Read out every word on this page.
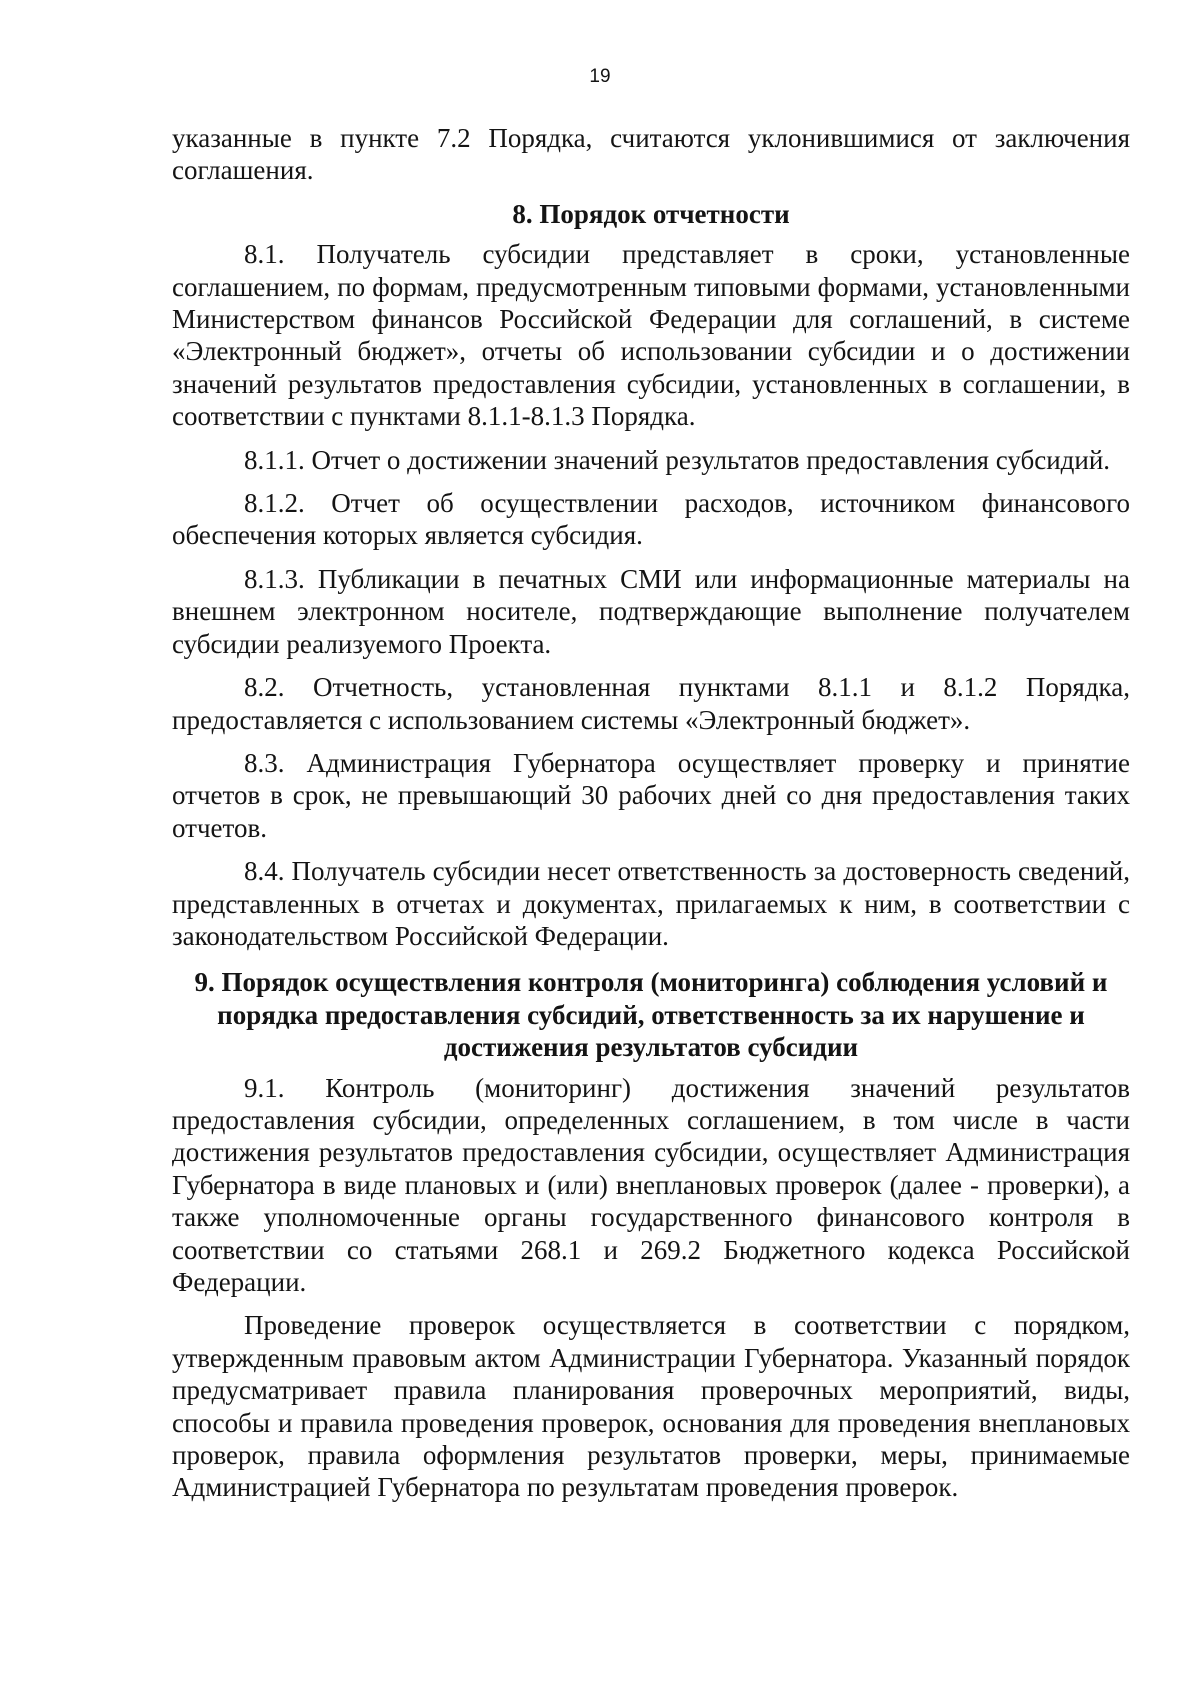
19

указанные в пункте 7.2 Порядка, считаются уклонившимися от заключения соглашения.

8. Порядок отчетности

8.1. Получатель субсидии представляет в сроки, установленные соглашением, по формам, предусмотренным типовыми формами, установленными Министерством финансов Российской Федерации для соглашений, в системе «Электронный бюджет», отчеты об использовании субсидии и о достижении значений результатов предоставления субсидии, установленных в соглашении, в соответствии с пунктами 8.1.1-8.1.3 Порядка.

8.1.1. Отчет о достижении значений результатов предоставления субсидий.

8.1.2. Отчет об осуществлении расходов, источником финансового обеспечения которых является субсидия.

8.1.3. Публикации в печатных СМИ или информационные материалы на внешнем электронном носителе, подтверждающие выполнение получателем субсидии реализуемого Проекта.

8.2. Отчетность, установленная пунктами 8.1.1 и 8.1.2 Порядка, предоставляется с использованием системы «Электронный бюджет».

8.3. Администрация Губернатора осуществляет проверку и принятие отчетов в срок, не превышающий 30 рабочих дней со дня предоставления таких отчетов.

8.4. Получатель субсидии несет ответственность за достоверность сведений, представленных в отчетах и документах, прилагаемых к ним, в соответствии с законодательством Российской Федерации.

9. Порядок осуществления контроля (мониторинга) соблюдения условий и порядка предоставления субсидий, ответственность за их нарушение и достижения результатов субсидии

9.1. Контроль (мониторинг) достижения значений результатов предоставления субсидии, определенных соглашением, в том числе в части достижения результатов предоставления субсидии, осуществляет Администрация Губернатора в виде плановых и (или) внеплановых проверок (далее - проверки), а также уполномоченные органы государственного финансового контроля в соответствии со статьями 268.1 и 269.2 Бюджетного кодекса Российской Федерации.

Проведение проверок осуществляется в соответствии с порядком, утвержденным правовым актом Администрации Губернатора. Указанный порядок предусматривает правила планирования проверочных мероприятий, виды, способы и правила проведения проверок, основания для проведения внеплановых проверок, правила оформления результатов проверки, меры, принимаемые Администрацией Губернатора по результатам проведения проверок.
